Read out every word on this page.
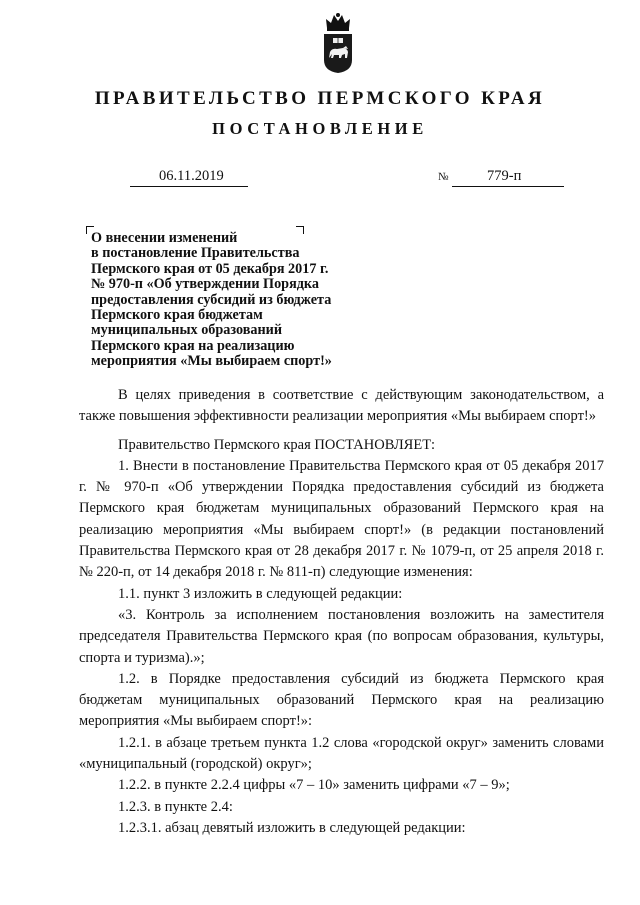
ПРАВИТЕЛЬСТВО ПЕРМСКОГО КРАЯ
ПОСТАНОВЛЕНИЕ
06.11.2019	№	779-п
О внесении изменений
в постановление Правительства
Пермского края от 05 декабря 2017 г.
№ 970-п «Об утверждении Порядка
предоставления субсидий из бюджета
Пермского края бюджетам
муниципальных образований
Пермского края на реализацию
мероприятия «Мы выбираем спорт!»

В целях приведения в соответствие с действующим законодательством, а также повышения эффективности реализации мероприятия «Мы выбираем спорт!»

Правительство Пермского края ПОСТАНОВЛЯЕТ:

1. Внести в постановление Правительства Пермского края от 05 декабря 2017 г. № 970-п «Об утверждении Порядка предоставления субсидий из бюджета Пермского края бюджетам муниципальных образований Пермского края на реализацию мероприятия «Мы выбираем спорт!» (в редакции постановлений Правительства Пермского края от 28 декабря 2017 г. № 1079-п, от 25 апреля 2018 г. № 220-п, от 14 декабря 2018 г. № 811-п) следующие изменения:

1.1. пункт 3 изложить в следующей редакции:

«3. Контроль за исполнением постановления возложить на заместителя председателя Правительства Пермского края (по вопросам образования, культуры, спорта и туризма).»;

1.2. в Порядке предоставления субсидий из бюджета Пермского края бюджетам муниципальных образований Пермского края на реализацию мероприятия «Мы выбираем спорт!»:

1.2.1. в абзаце третьем пункта 1.2 слова «городской округ» заменить словами «муниципальный (городской) округ»;

1.2.2. в пункте 2.2.4 цифры «7 – 10» заменить цифрами «7 – 9»;

1.2.3. в пункте 2.4:

1.2.3.1. абзац девятый изложить в следующей редакции:
